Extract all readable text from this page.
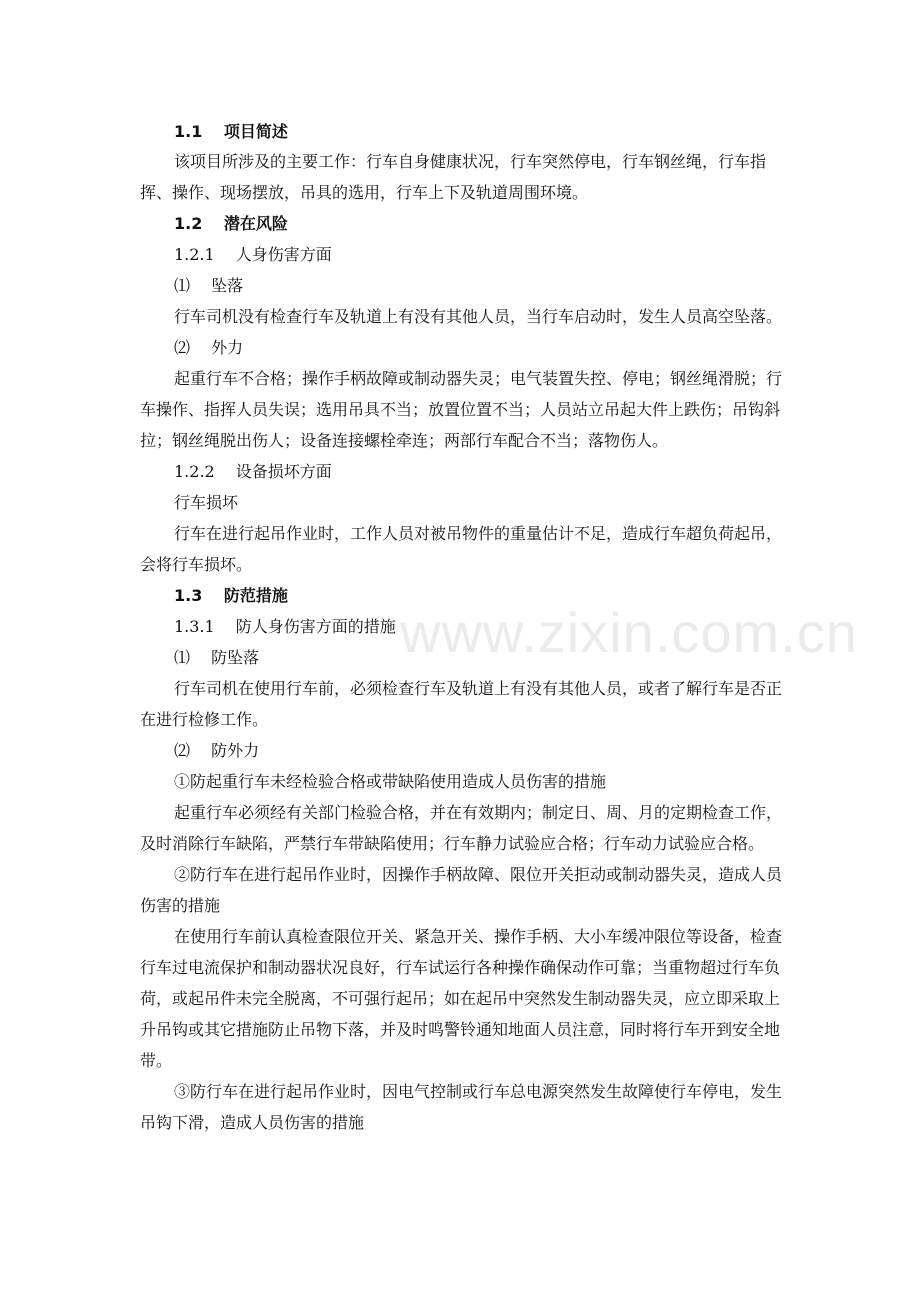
www.zixin.com.cn
1.1　 项目简述
该项目所涉及的主要工作：行车自身健康状况，行车突然停电，行车钢丝绳，行车指
挥、操作、现场摆放，吊具的选用，行车上下及轨道周围环境。
1.2　 潜在风险
1.2.1　 人身伤害方面
⑴　 坠落
行车司机没有检查行车及轨道上有没有其他人员，当行车启动时，发生人员高空坠落。
⑵　 外力
起重行车不合格；操作手柄故障或制动器失灵；电气装置失控、停电；钢丝绳滑脱；行
车操作、指挥人员失误；选用吊具不当；放置位置不当；人员站立吊起大件上跌伤；吊钩斜
拉；钢丝绳脱出伤人；设备连接螺栓牵连；两部行车配合不当；落物伤人。
1.2.2　 设备损坏方面
行车损坏
行车在进行起吊作业时，工作人员对被吊物件的重量估计不足，造成行车超负荷起吊，
会将行车损坏。
1.3　 防范措施
1.3.1　 防人身伤害方面的措施
⑴　 防坠落
行车司机在使用行车前，必须检查行车及轨道上有没有其他人员，或者了解行车是否正
在进行检修工作。
⑵　 防外力
①防起重行车未经检验合格或带缺陷使用造成人员伤害的措施
起重行车必须经有关部门检验合格，并在有效期内；制定日、周、月的定期检查工作，
及时消除行车缺陷，严禁行车带缺陷使用；行车静力试验应合格；行车动力试验应合格。
②防行车在进行起吊作业时，因操作手柄故障、限位开关拒动或制动器失灵，造成人员
伤害的措施
在使用行车前认真检查限位开关、紧急开关、操作手柄、大小车缓冲限位等设备，检查
行车过电流保护和制动器状况良好，行车试运行各种操作确保动作可靠；当重物超过行车负
荷，或起吊件未完全脱离，不可强行起吊；如在起吊中突然发生制动器失灵，应立即采取上
升吊钩或其它措施防止吊物下落，并及时鸣警铃通知地面人员注意，同时将行车开到安全地
带。
③防行车在进行起吊作业时，因电气控制或行车总电源突然发生故障使行车停电，发生
吊钩下滑，造成人员伤害的措施
